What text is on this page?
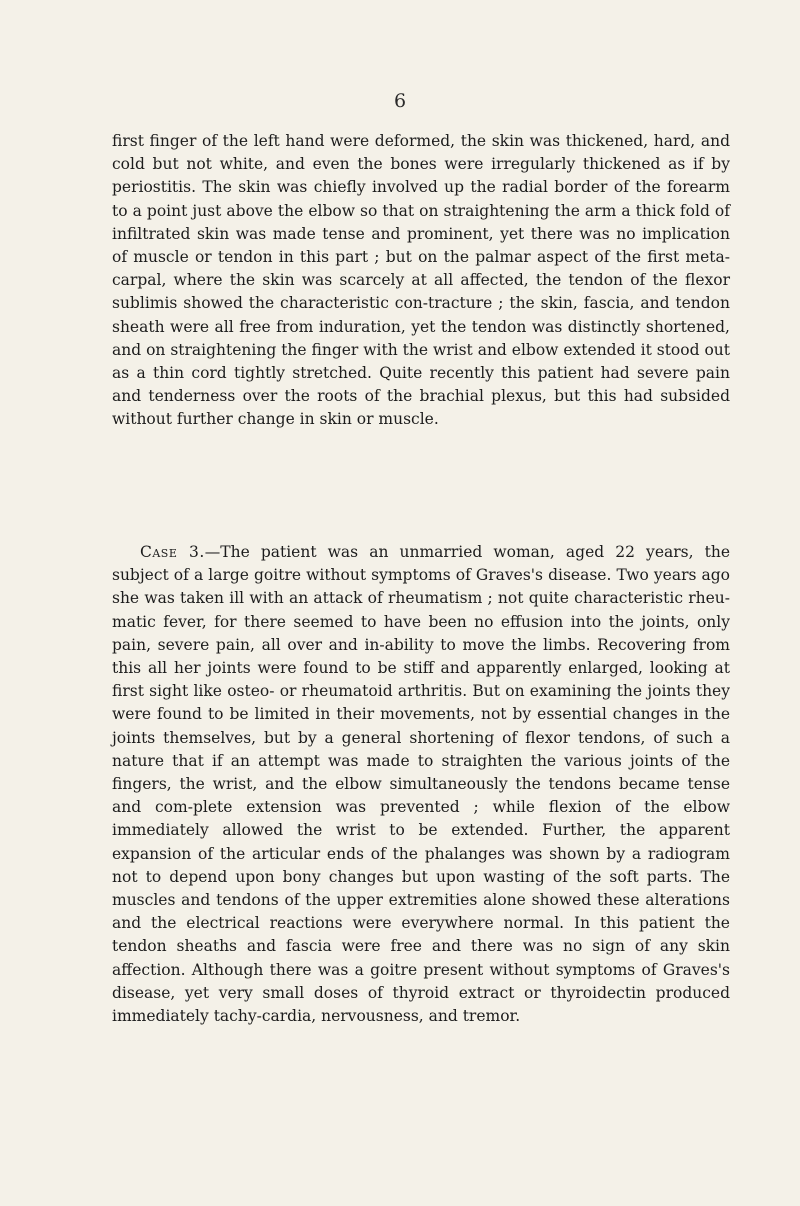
6

first finger of the left hand were deformed, the skin was thickened, hard, and cold but not white, and even the bones were irregularly thickened as if by periostitis. The skin was chiefly involved up the radial border of the forearm to a point just above the elbow so that on straightening the arm a thick fold of infiltrated skin was made tense and prominent, yet there was no implication of muscle or tendon in this part ; but on the palmar aspect of the first meta-carpal, where the skin was scarcely at all affected, the tendon of the flexor sublimis showed the characteristic con-tracture ; the skin, fascia, and tendon sheath were all free from induration, yet the tendon was distinctly shortened, and on straightening the finger with the wrist and elbow extended it stood out as a thin cord tightly stretched. Quite recently this patient had severe pain and tenderness over the roots of the brachial plexus, but this had subsided without further change in skin or muscle.

Case 3.—The patient was an unmarried woman, aged 22 years, the subject of a large goitre without symptoms of Graves's disease. Two years ago she was taken ill with an attack of rheumatism ; not quite characteristic rheu-matic fever, for there seemed to have been no effusion into the joints, only pain, severe pain, all over and in-ability to move the limbs. Recovering from this all her joints were found to be stiff and apparently enlarged, looking at first sight like osteo- or rheumatoid arthritis. But on examining the joints they were found to be limited in their movements, not by essential changes in the joints themselves, but by a general shortening of flexor tendons, of such a nature that if an attempt was made to straighten the various joints of the fingers, the wrist, and the elbow simultaneously the tendons became tense and com-plete extension was prevented ; while flexion of the elbow immediately allowed the wrist to be extended. Further, the apparent expansion of the articular ends of the phalanges was shown by a radiogram not to depend upon bony changes but upon wasting of the soft parts. The muscles and tendons of the upper extremities alone showed these alterations and the electrical reactions were everywhere normal. In this patient the tendon sheaths and fascia were free and there was no sign of any skin affection. Although there was a goitre present without symptoms of Graves's disease, yet very small doses of thyroid extract or thyroidectin produced immediately tachy-cardia, nervousness, and tremor.
